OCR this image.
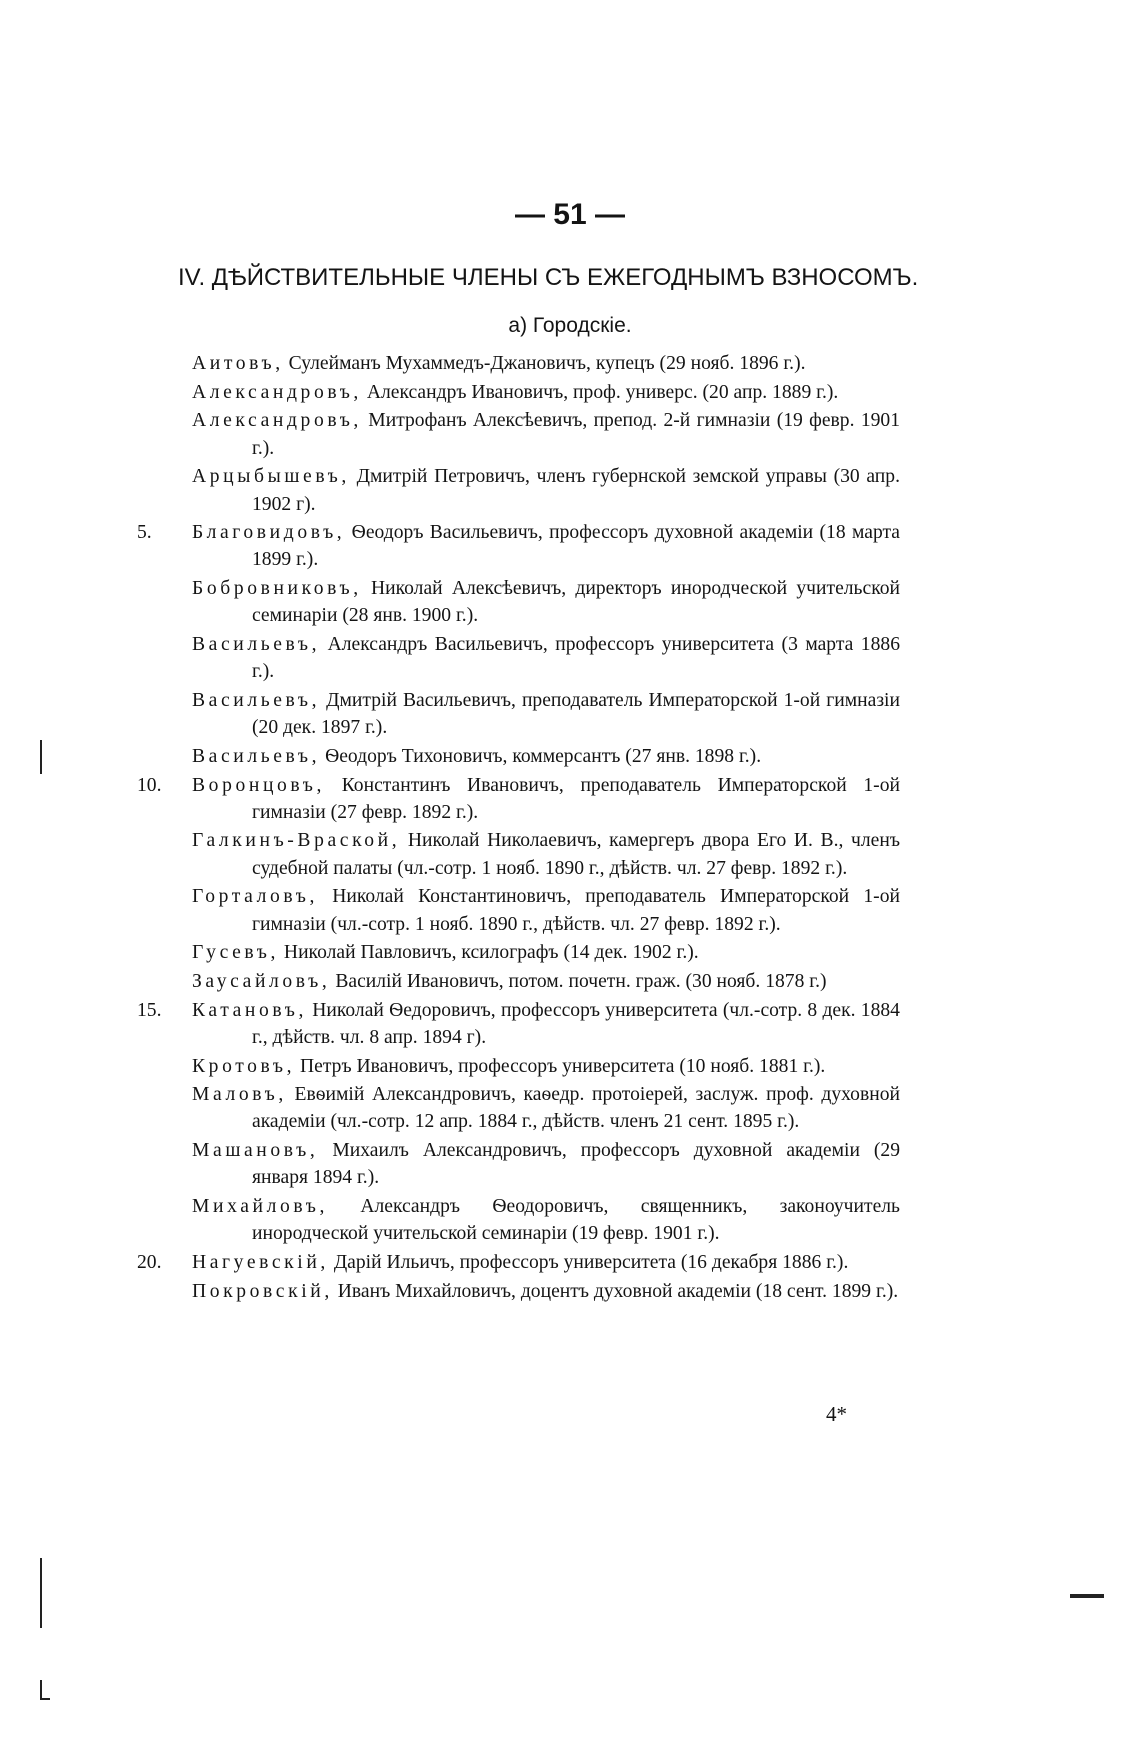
— 51 —
IV. ДѢЙСТВИТЕЛЬНЫЕ ЧЛЕНЫ СЪ ЕЖЕГОДНЫМЪ ВЗНОСОМЪ.
а) Городскіе.
Аитовъ, Сулейманъ Мухаммедъ-Джановичъ, купецъ (29 нояб. 1896 г.).
Александровъ, Александръ Ивановичъ, проф. универс. (20 апр. 1889 г.).
Александровъ, Митрофанъ Алексѣевичъ, препод. 2-й гимназіи (19 февр. 1901 г.).
Арцыбышевъ, Дмитрій Петровичъ, членъ губернской земской управы (30 апр. 1902 г).
5.	Благовидовъ, Ѳеодоръ Васильевичъ, профессоръ духовной академіи (18 марта 1899 г.).
Бобровниковъ, Николай Алексѣевичъ, директоръ инородческой учительской семинаріи (28 янв. 1900 г.).
Васильевъ, Александръ Васильевичъ, профессоръ университета (3 марта 1886 г.).
Васильевъ, Дмитрій Васильевичъ, преподаватель Императорской 1-ой гимназіи (20 дек. 1897 г.).
Васильевъ, Ѳеодоръ Тихоновичъ, коммерсантъ (27 янв. 1898 г.).
10.	Воронцовъ, Константинъ Ивановичъ, преподаватель Императорской 1-ой гимназіи (27 февр. 1892 г.).
Галкинъ-Враской, Николай Николаевичъ, камергеръ двора Его И. В., членъ судебной палаты (чл.-сотр. 1 нояб. 1890 г., дѣйств. чл. 27 февр. 1892 г.).
Горталовъ, Николай Константиновичъ, преподаватель Императорской 1-ой гимназіи (чл.-сотр. 1 нояб. 1890 г., дѣйств. чл. 27 февр. 1892 г.).
Гусевъ, Николай Павловичъ, ксилографъ (14 дек. 1902 г.).
Заусайловъ, Василій Ивановичъ, потом. почетн. граж. (30 нояб. 1878 г.)
15.	Катановъ, Николай Ѳедоровичъ, профессоръ университета (чл.-сотр. 8 дек. 1884 г., дѣйств. чл. 8 апр. 1894 г).
Кротовъ, Петръ Ивановичъ, профессоръ университета (10 нояб. 1881 г.).
Маловъ, Евѳимій Александровичъ, каѳедр. протоіерей, заслуж. проф. духовной академіи (чл.-сотр. 12 апр. 1884 г., дѣйств. членъ 21 сент. 1895 г.).
Машановъ, Михаилъ Александровичъ, профессоръ духовной академіи (29 января 1894 г.).
Михайловъ, Александръ Ѳеодоровичъ, священникъ, законоучитель инородческой учительской семинаріи (19 февр. 1901 г.).
20.	Нагуевскій, Дарій Ильичъ, профессоръ университета (16 декабря 1886 г.).
Покровскій, Иванъ Михайловичъ, доцентъ духовной академіи (18 сент. 1899 г.).
4*
